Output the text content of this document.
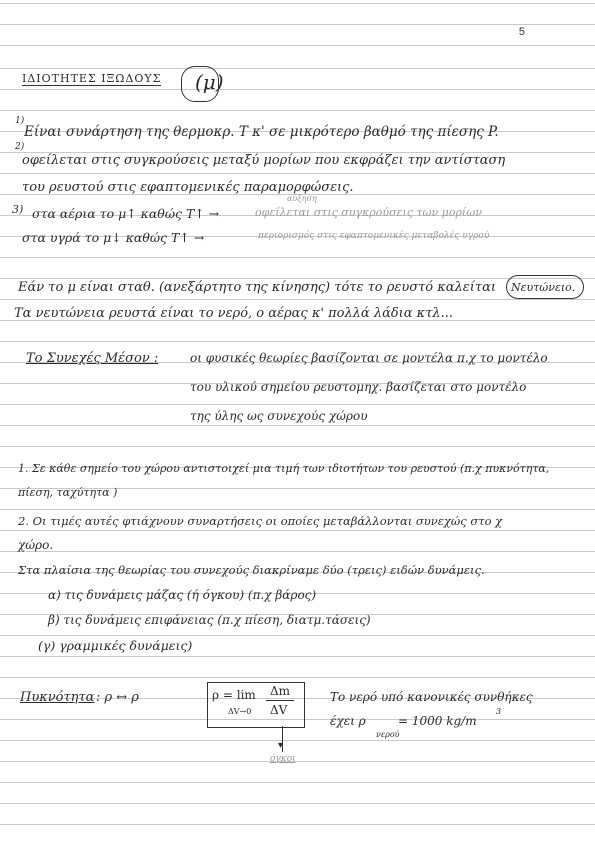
5
ΙΔΙΟΤΗΤΕΣ ΙΞΩΔΟΥΣ (μ)
1)
Είναι συνάρτηση της θερμοκρ. Τ κ' σε μικρότερο βαθμό της πίεσης P.
2)
οφείλεται στις συγκρούσεις μεταξύ μορίων που εκφράζει την αντίσταση
του ρευστού στις εφαπτομενικές παραμορφώσεις.
3) στα αέρια το μ↑ καθώς T↑ →
αύξηση
οφείλεται στις συγκρούσεις των μορίων
στα υγρά το μ↓ καθώς T↑ →	περιορισμός στις εφαπτομενικές μεταβολές υγρού
Εάν το μ είναι σταθ. (ανεξάρτητο της κίνησης) τότε το ρευστό καλείται Νευτώνειο.
Τα νευτώνεια ρευστά είναι το νερό, ο αέρας κ' πολλά λάδια κτλ...
Το Συνεχές Μέσον :	οι φυσικές θεωρίες βασίζονται σε μοντέλα π.χ το μοντέλο
του υλικού σημείου ρευστομηχ. βασίζεται στο μοντέλο
της ύλης ως συνεχούς χώρου
1. Σε κάθε σημείο του χώρου αντιστοιχεί μια τιμή των ιδιοτήτων του ρευστού (π.χ πυκνότητα,
πίεση, ταχύτητα )
2. Οι τιμές αυτές φτιάχνουν συναρτήσεις οι οποίες μεταβάλλονται συνεχώς στο χ
χώρο.
Στα πλαίσια της θεωρίας του συνεχούς διακρίναμε δύο (τρεις) ειδών δυνάμεις.
α) τις δυνάμεις μάζας (ή όγκου) (π.χ βάρος)
β) τις δυνάμεις επιφάνειας (π.χ πίεση, διατμ.τάσεις)
(γ) γραμμικές δυνάμεις)
Πυκνότητα : ρ ↔ ρ	ρ = lim
ΔV→0
Δm
ΔV
▾
όγκοι
Το νερό υπό κανονικές συνθήκες
έχει ρ
νερού
= 1000 kg/m
3
